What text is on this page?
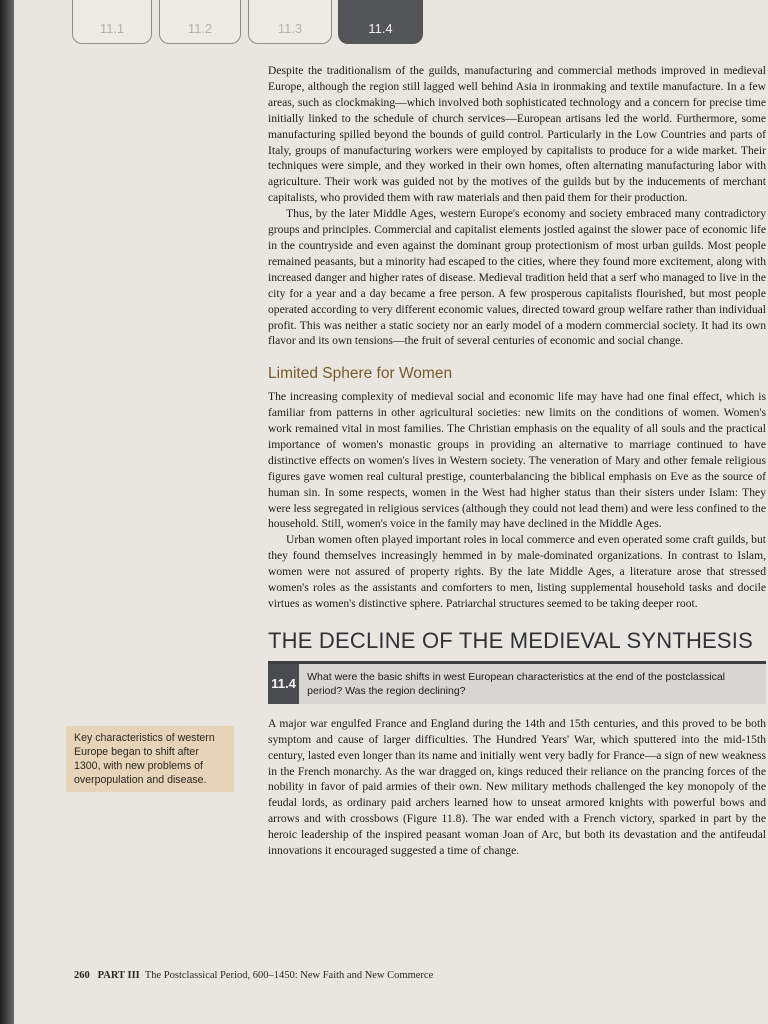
11.1	11.2	11.3	11.4

Despite the traditionalism of the guilds, manufacturing and commercial methods improved in medieval Europe, although the region still lagged well behind Asia in ironmaking and textile manufacture. In a few areas, such as clockmaking—which involved both sophisticated technology and a concern for precise time initially linked to the schedule of church services—European artisans led the world. Furthermore, some manufacturing spilled beyond the bounds of guild control. Particularly in the Low Countries and parts of Italy, groups of manufacturing workers were employed by capitalists to produce for a wide market. Their techniques were simple, and they worked in their own homes, often alternating manufacturing labor with agriculture. Their work was guided not by the motives of the guilds but by the inducements of merchant capitalists, who provided them with raw materials and then paid them for their production.

Thus, by the later Middle Ages, western Europe's economy and society embraced many contradictory groups and principles. Commercial and capitalist elements jostled against the slower pace of economic life in the countryside and even against the dominant group protectionism of most urban guilds. Most people remained peasants, but a minority had escaped to the cities, where they found more excitement, along with increased danger and higher rates of disease. Medieval tradition held that a serf who managed to live in the city for a year and a day became a free person. A few prosperous capitalists flourished, but most people operated according to very different economic values, directed toward group welfare rather than individual profit. This was neither a static society nor an early model of a modern commercial society. It had its own flavor and its own tensions—the fruit of several centuries of economic and social change.

Limited Sphere for Women

The increasing complexity of medieval social and economic life may have had one final effect, which is familiar from patterns in other agricultural societies: new limits on the conditions of women. Women's work remained vital in most families. The Christian emphasis on the equality of all souls and the practical importance of women's monastic groups in providing an alternative to marriage continued to have distinctive effects on women's lives in Western society. The veneration of Mary and other female religious figures gave women real cultural prestige, counterbalancing the biblical emphasis on Eve as the source of human sin. In some respects, women in the West had higher status than their sisters under Islam: They were less segregated in religious services (although they could not lead them) and were less confined to the household. Still, women's voice in the family may have declined in the Middle Ages.

Urban women often played important roles in local commerce and even operated some craft guilds, but they found themselves increasingly hemmed in by male-dominated organizations. In contrast to Islam, women were not assured of property rights. By the late Middle Ages, a literature arose that stressed women's roles as the assistants and comforters to men, listing supplemental household tasks and docile virtues as women's distinctive sphere. Patriarchal structures seemed to be taking deeper root.

THE DECLINE OF THE MEDIEVAL SYNTHESIS
11.4	What were the basic shifts in west European characteristics at the end of the postclassical period? Was the region declining?

A major war engulfed France and England during the 14th and 15th centuries, and this proved to be both symptom and cause of larger difficulties. The Hundred Years' War, which sputtered into the mid-15th century, lasted even longer than its name and initially went very badly for France—a sign of new weakness in the French monarchy. As the war dragged on, kings reduced their reliance on the prancing forces of the nobility in favor of paid armies of their own. New military methods challenged the key monopoly of the feudal lords, as ordinary paid archers learned how to unseat armored knights with powerful bows and arrows and with crossbows (Figure 11.8). The war ended with a French victory, sparked in part by the heroic leadership of the inspired peasant woman Joan of Arc, but both its devastation and the antifeudal innovations it encouraged suggested a time of change.

Key characteristics of western Europe began to shift after 1300, with new problems of overpopulation and disease.
260 PART III The Postclassical Period, 600–1450: New Faith and New Commerce
